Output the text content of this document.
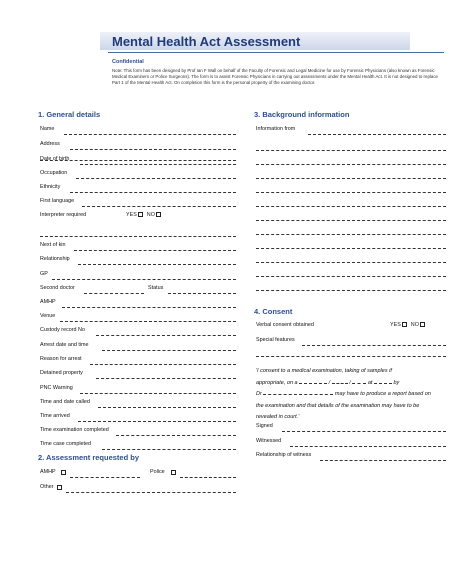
Mental Health Act Assessment
Confidential
Note: This form has been designed by Prof Ian F Wall on behalf of the Faculty of Forensic and Legal Medicine for use by Forensic Physicians (also known as Forensic Medical Examiners or Police Surgeons). The form is to assist Forensic Physicians in carrying out assessments under the Mental Health Act. It is not designed to replace Part 1 of the Mental Health Act. On completion this form is the personal property of the examining doctor.
1. General details
Name
Address
Date of birth
Occupation
Ethnicity
First language
Interpreter required	YES NO
Next of kin
Relationship
GP
Second doctor	Status
AMHP
Venue
Custody record No
Arrest date and time
Reason for arrest
Detained property
PNC Warning
Time and date called
Time arrived
Time examination completed
Time case completed
2. Assessment requested by
AMHP	Police
Other
3. Background information
Information from
4. Consent
Verbal consent obtained	YES NO
Special features
'I consent to a medical examination, taking of samples if
appropriate, on a	/	/	at	by
Dr	may have to produce a report based on
the examination and that details of the examination may have to be
revealed in court.'
Signed
Witnessed
Relationship of witness
